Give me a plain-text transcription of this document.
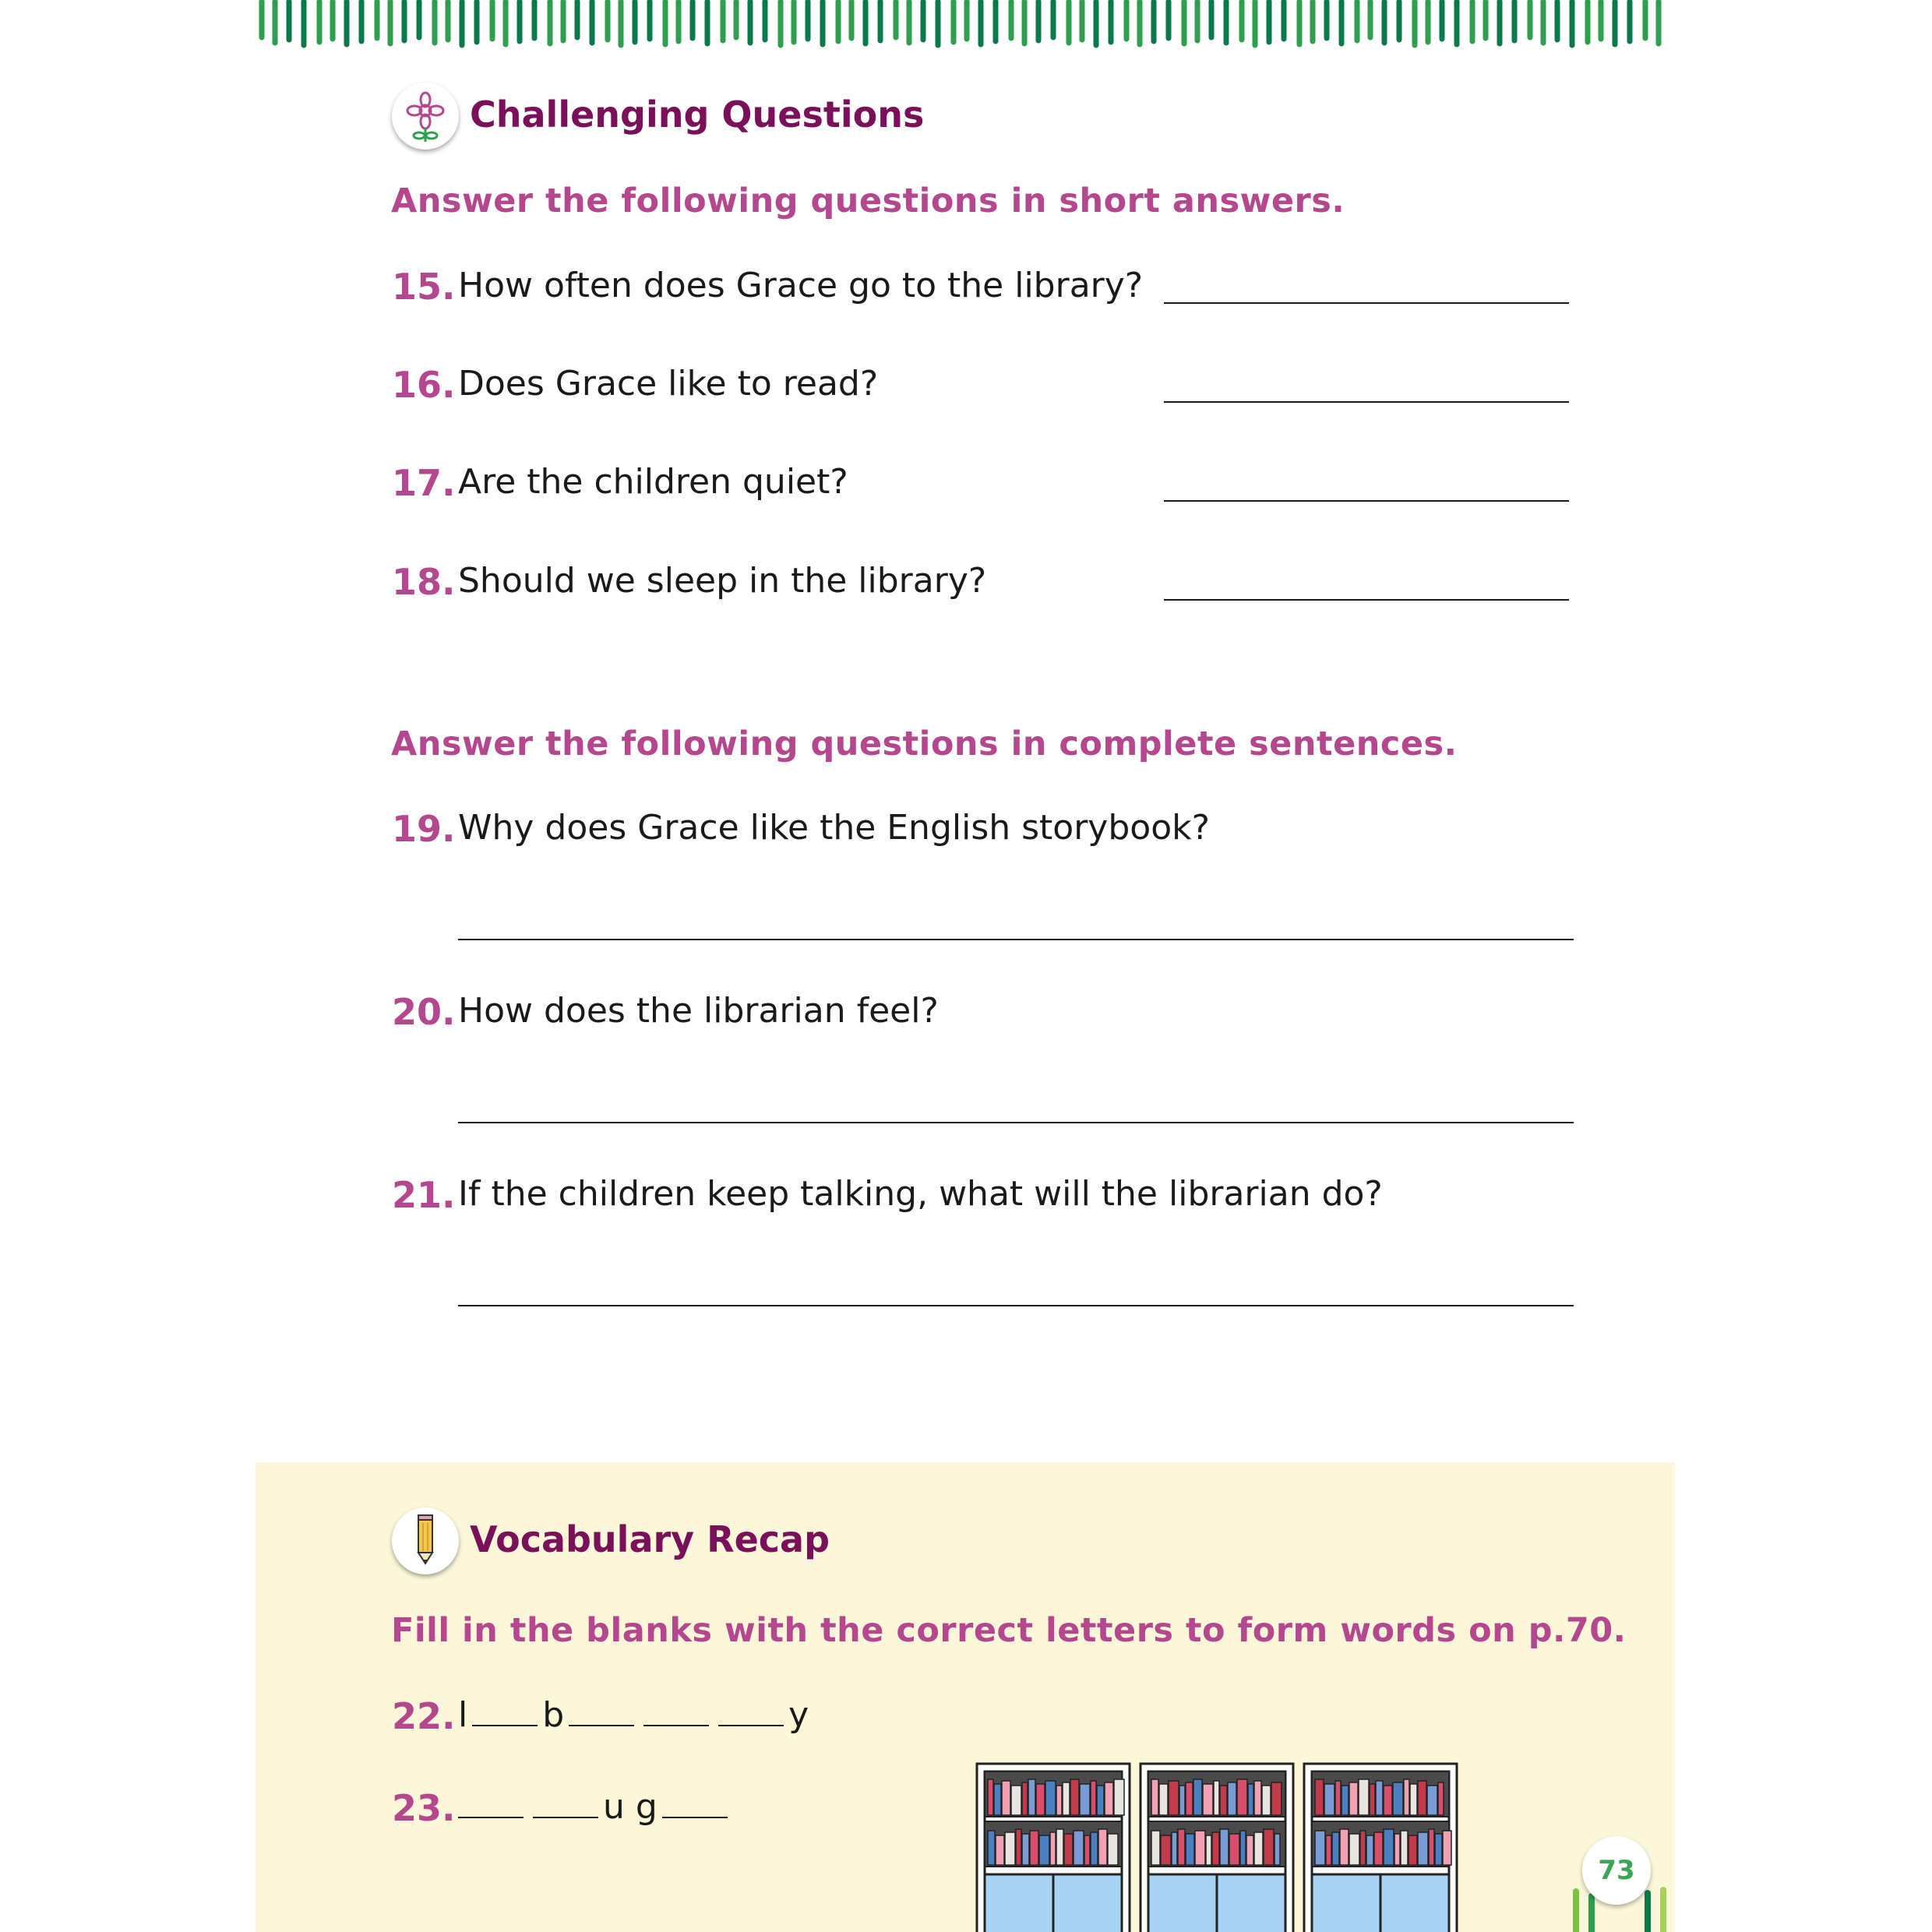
Challenging Questions
Answer the following questions in short answers.
15. How often does Grace go to the library?
16. Does Grace like to read?
17. Are the children quiet?
18. Should we sleep in the library?
Answer the following questions in complete sentences.
19. Why does Grace like the English storybook?
20. How does the librarian feel?
21. If the children keep talking, what will the librarian do?
Vocabulary Recap
Fill in the blanks with the correct letters to form words on p.70.
22. l b	y
23.	u g
73
